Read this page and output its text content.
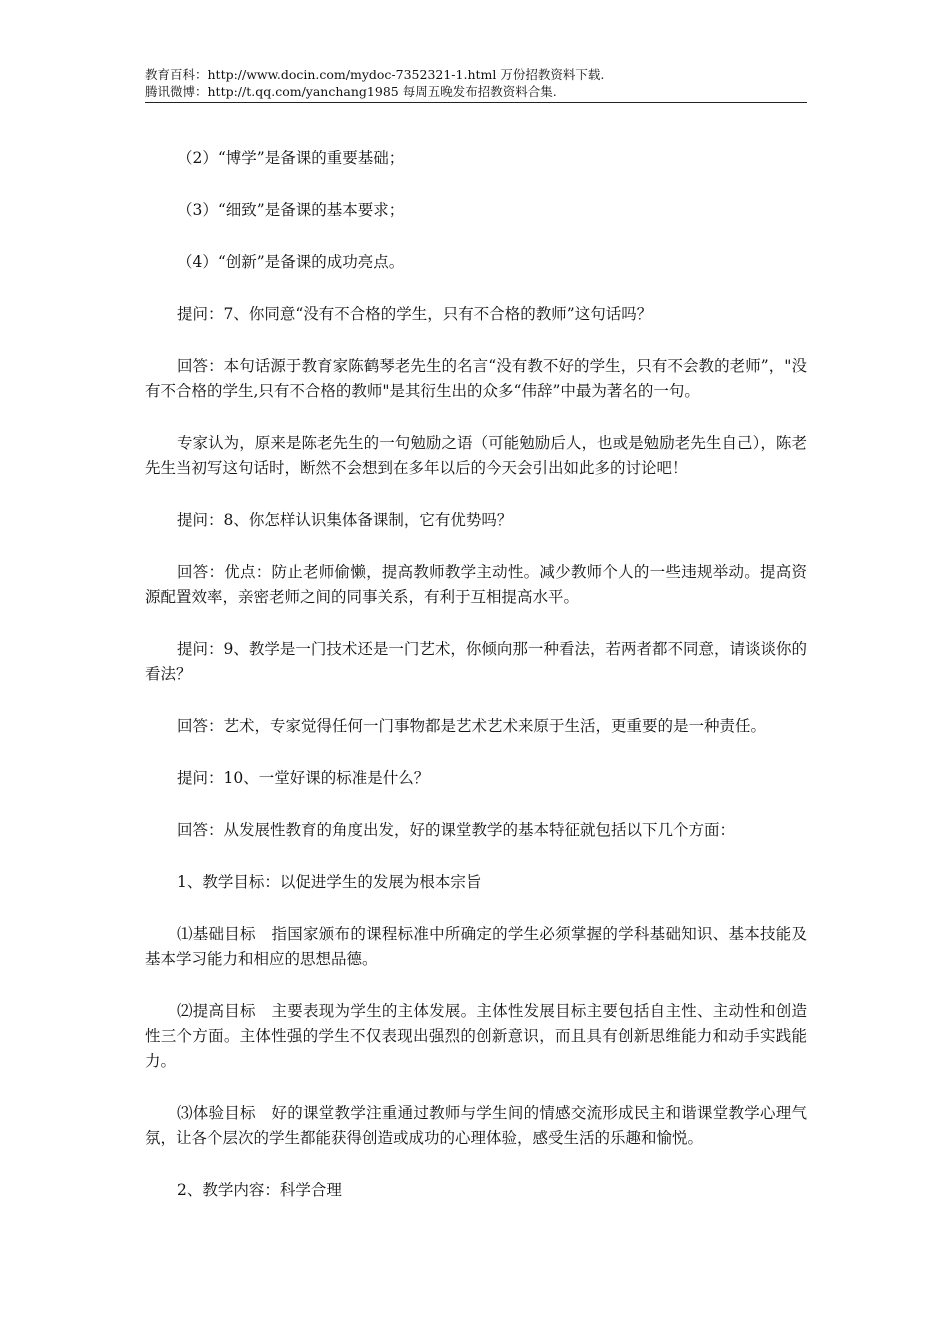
教育百科：http://www.docin.com/mydoc-7352321-1.html 万份招教资料下载.
腾讯微博：http://t.qq.com/yanchang1985 每周五晚发布招教资料合集.

（2）“博学”是备课的重要基础；

（3）“细致”是备课的基本要求；

（4）“创新”是备课的成功亮点。

提问：7、你同意“没有不合格的学生，只有不合格的教师”这句话吗？

回答：本句话源于教育家陈鹤琴老先生的名言“没有教不好的学生，只有不会教的老师”，"没有不合格的学生,只有不合格的教师"是其衍生出的众多“伟辞”中最为著名的一句。

专家认为，原来是陈老先生的一句勉励之语（可能勉励后人，也或是勉励老先生自己），陈老先生当初写这句话时，断然不会想到在多年以后的今天会引出如此多的讨论吧！

提问：8、你怎样认识集体备课制，它有优势吗？

回答：优点：防止老师偷懒，提高教师教学主动性。减少教师个人的一些违规举动。提高资源配置效率，亲密老师之间的同事关系，有利于互相提高水平。

提问：9、教学是一门技术还是一门艺术，你倾向那一种看法，若两者都不同意，请谈谈你的看法？

回答：艺术，专家觉得任何一门事物都是艺术艺术来原于生活，更重要的是一种责任。

提问：10、一堂好课的标准是什么？

回答：从发展性教育的角度出发，好的课堂教学的基本特征就包括以下几个方面：

1、教学目标：以促进学生的发展为根本宗旨

⑴基础目标　指国家颁布的课程标准中所确定的学生必须掌握的学科基础知识、基本技能及基本学习能力和相应的思想品德。

⑵提高目标　主要表现为学生的主体发展。主体性发展目标主要包括自主性、主动性和创造性三个方面。主体性强的学生不仅表现出强烈的创新意识，而且具有创新思维能力和动手实践能力。

⑶体验目标　好的课堂教学注重通过教师与学生间的情感交流形成民主和谐课堂教学心理气氛，让各个层次的学生都能获得创造或成功的心理体验，感受生活的乐趣和愉悦。

2、教学内容：科学合理
